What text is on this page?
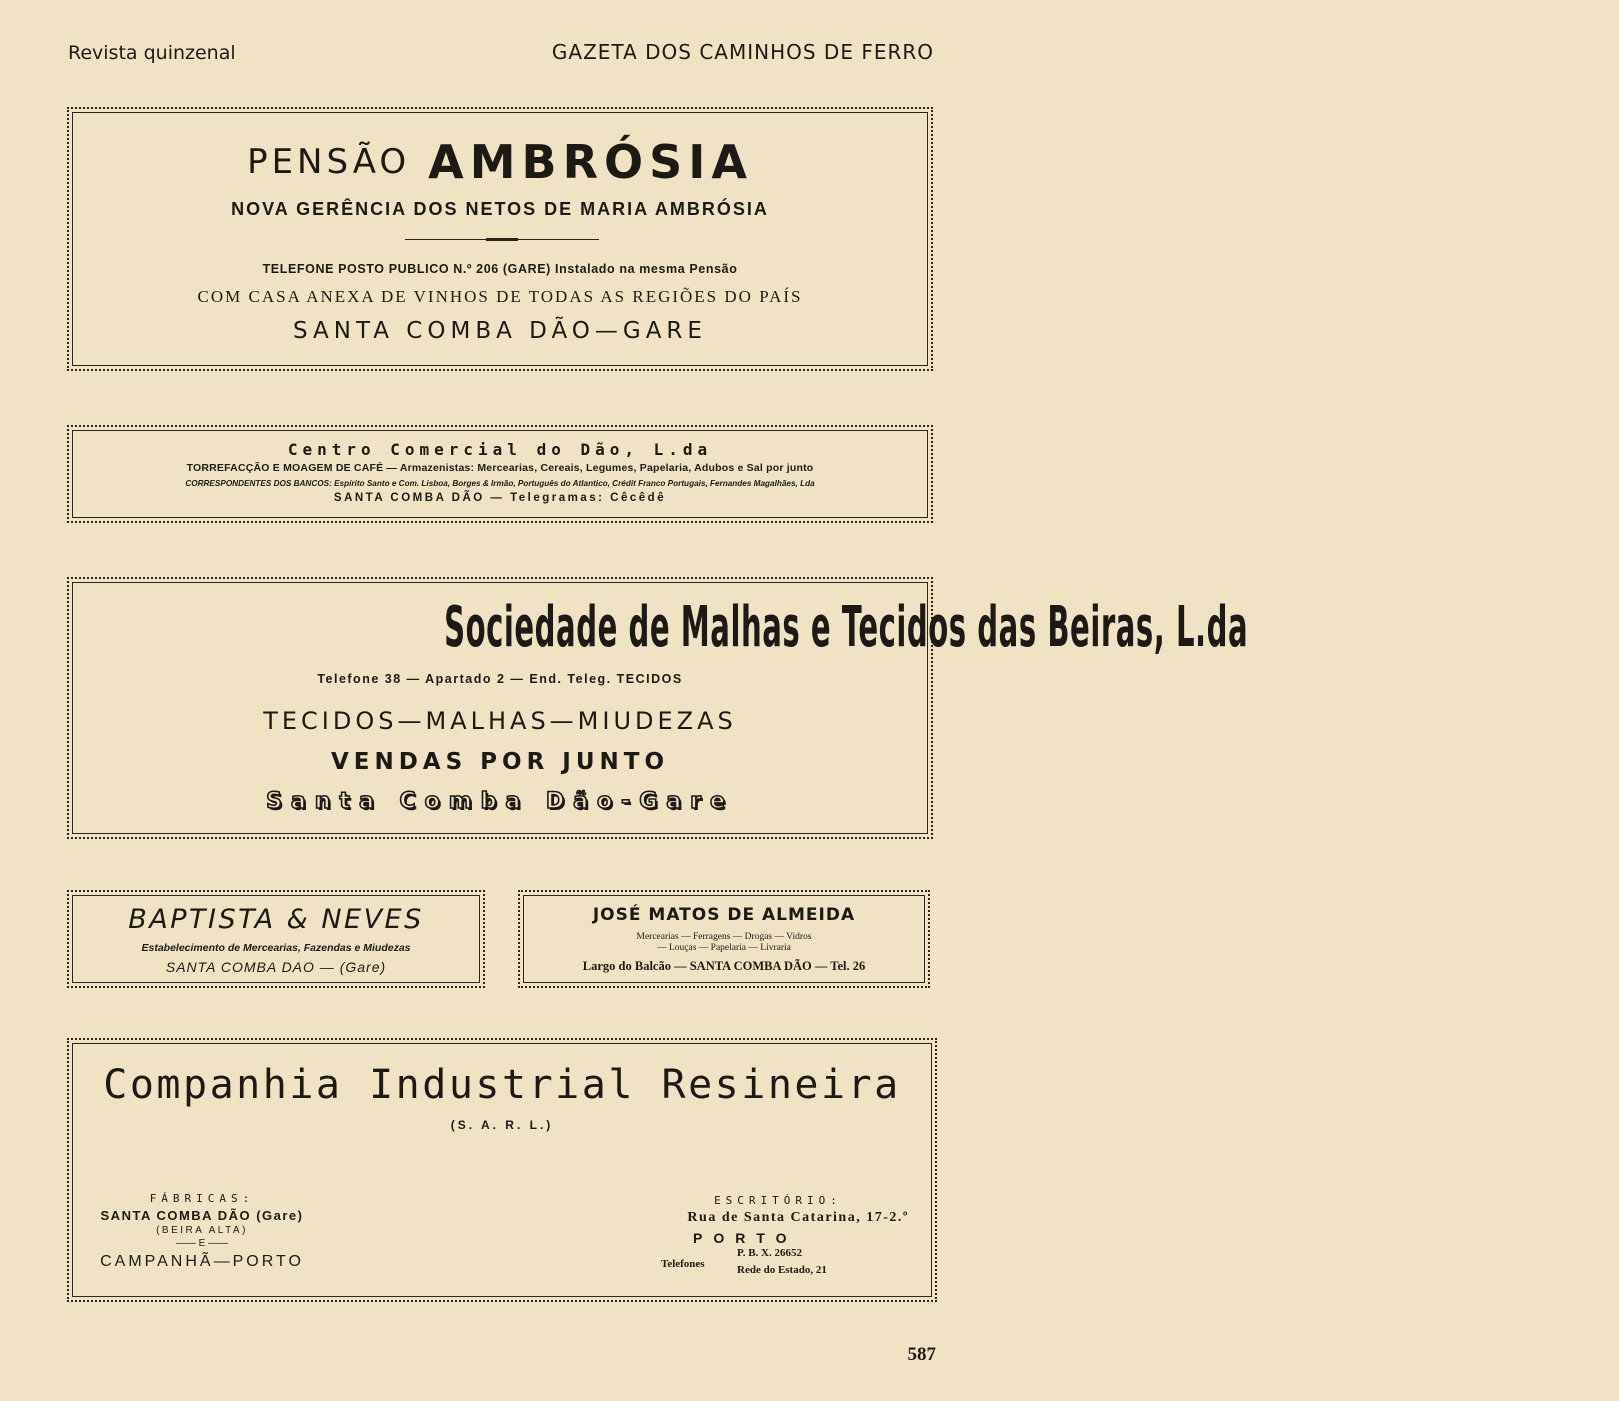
Revista quinzenal	GAZETA DOS CAMINHOS DE FERRO
PENSÃO AMBRÓSIA
NOVA GERÊNCIA DOS NETOS DE MARIA AMBRÓSIA
TELEFONE POSTO PUBLICO N.º 206 (GARE) Instalado na mesma Pensão
COM CASA ANEXA DE VINHOS DE TODAS AS REGIÕES DO PAÍS
SANTA COMBA DÃO—GARE
Centro Comercial do Dão, L.da
TORREFACÇÃO E MOAGEM DE CAFÉ — Armazenistas: Mercearias, Cereais, Legumes, Papelaria, Adubos e Sal por junto
CORRESPONDENTES DOS BANCOS: Espírito Santo e Com. Lisboa, Borges & Irmão, Português do Atlantico, Crédit Franco Portugais, Fernandes Magalhães, Lda
SANTA COMBA DÃO — Telegramas: Cêcêdê
Sociedade de Malhas e Tecidos das Beiras, L.da
Telefone 38 — Apartado 2 — End. Teleg. TECIDOS
TECIDOS—MALHAS—MIUDEZAS
VENDAS POR JUNTO
Santa Comba Dão-Gare
BAPTISTA & NEVES
Estabelecimento de Mercearias, Fazendas e Miudezas
SANTA COMBA DAO — (Gare)
JOSÉ MATOS DE ALMEIDA
Mercearias — Ferragens — Drogas — Vidros
— Louças — Papelaria — Livraria
Largo do Balcão — SANTA COMBA DÃO — Tel. 26
Companhia Industrial Resineira
(S. A. R. L.)
FÁBRICAS:
SANTA COMBA DÃO (Gare)
(BEIRA ALTA)
—— E ——
CAMPANHÃ—PORTO
ESCRITÓRIO:
Rua de Santa Catarina, 17-2.º
PORTO
Telefones
P. B. X. 26652
Rede do Estado, 21
587
